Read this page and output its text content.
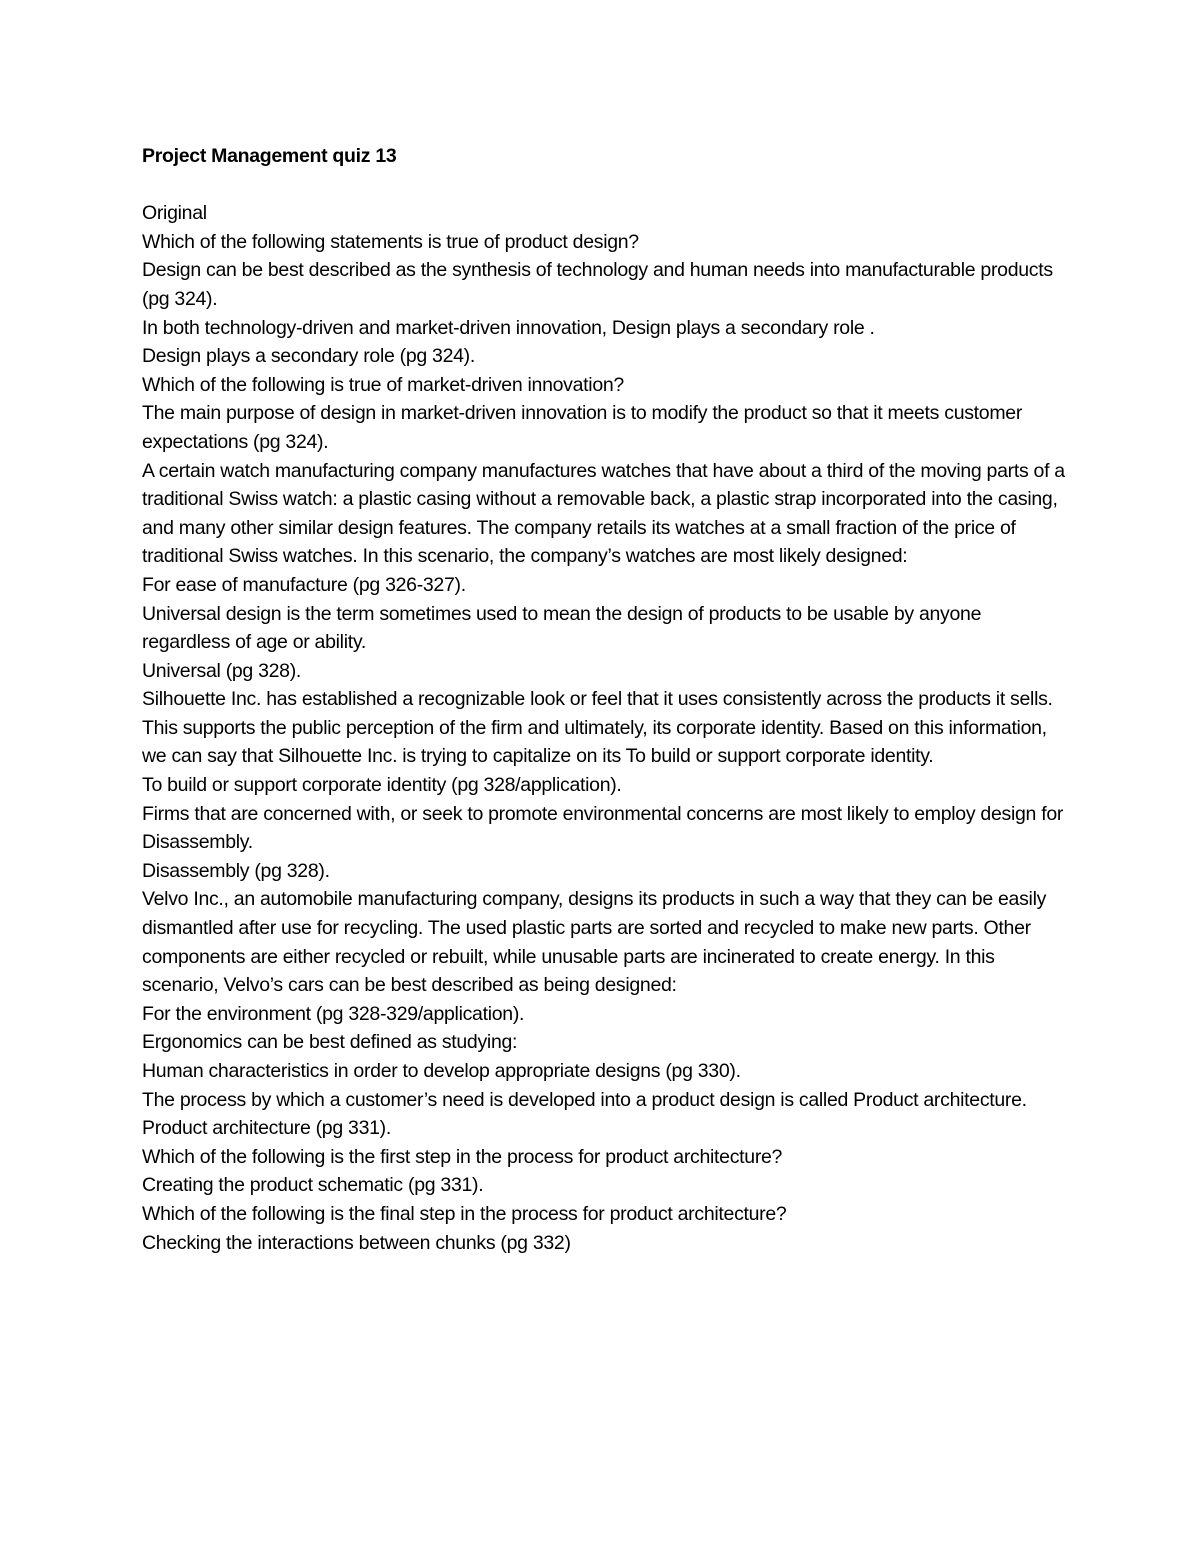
Project Management quiz 13

Original

Which of the following statements is true of product design?

Design can be best described as the synthesis of technology and human needs into manufacturable products (pg 324).

In both technology-driven and market-driven innovation, Design plays a secondary role .

Design plays a secondary role (pg 324).

Which of the following is true of market-driven innovation?

The main purpose of design in market-driven innovation is to modify the product so that it meets customer expectations (pg 324).

A certain watch manufacturing company manufactures watches that have about a third of the moving parts of a traditional Swiss watch: a plastic casing without a removable back, a plastic strap incorporated into the casing, and many other similar design features. The company retails its watches at a small fraction of the price of traditional Swiss watches. In this scenario, the company’s watches are most likely designed:

For ease of manufacture (pg 326-327).

Universal design is the term sometimes used to mean the design of products to be usable by anyone regardless of age or ability.

Universal (pg 328).

Silhouette Inc. has established a recognizable look or feel that it uses consistently across the products it sells. This supports the public perception of the firm and ultimately, its corporate identity. Based on this information, we can say that Silhouette Inc. is trying to capitalize on its To build or support corporate identity.

To build or support corporate identity (pg 328/application).

Firms that are concerned with, or seek to promote environmental concerns are most likely to employ design for Disassembly.

Disassembly (pg 328).

Velvo Inc., an automobile manufacturing company, designs its products in such a way that they can be easily dismantled after use for recycling. The used plastic parts are sorted and recycled to make new parts. Other components are either recycled or rebuilt, while unusable parts are incinerated to create energy. In this scenario, Velvo’s cars can be best described as being designed:

For the environment (pg 328-329/application).

Ergonomics can be best defined as studying:

Human characteristics in order to develop appropriate designs (pg 330).

The process by which a customer’s need is developed into a product design is called Product architecture.

Product architecture (pg 331).

Which of the following is the first step in the process for product architecture?

Creating the product schematic (pg 331).

Which of the following is the final step in the process for product architecture?

Checking the interactions between chunks (pg 332)
